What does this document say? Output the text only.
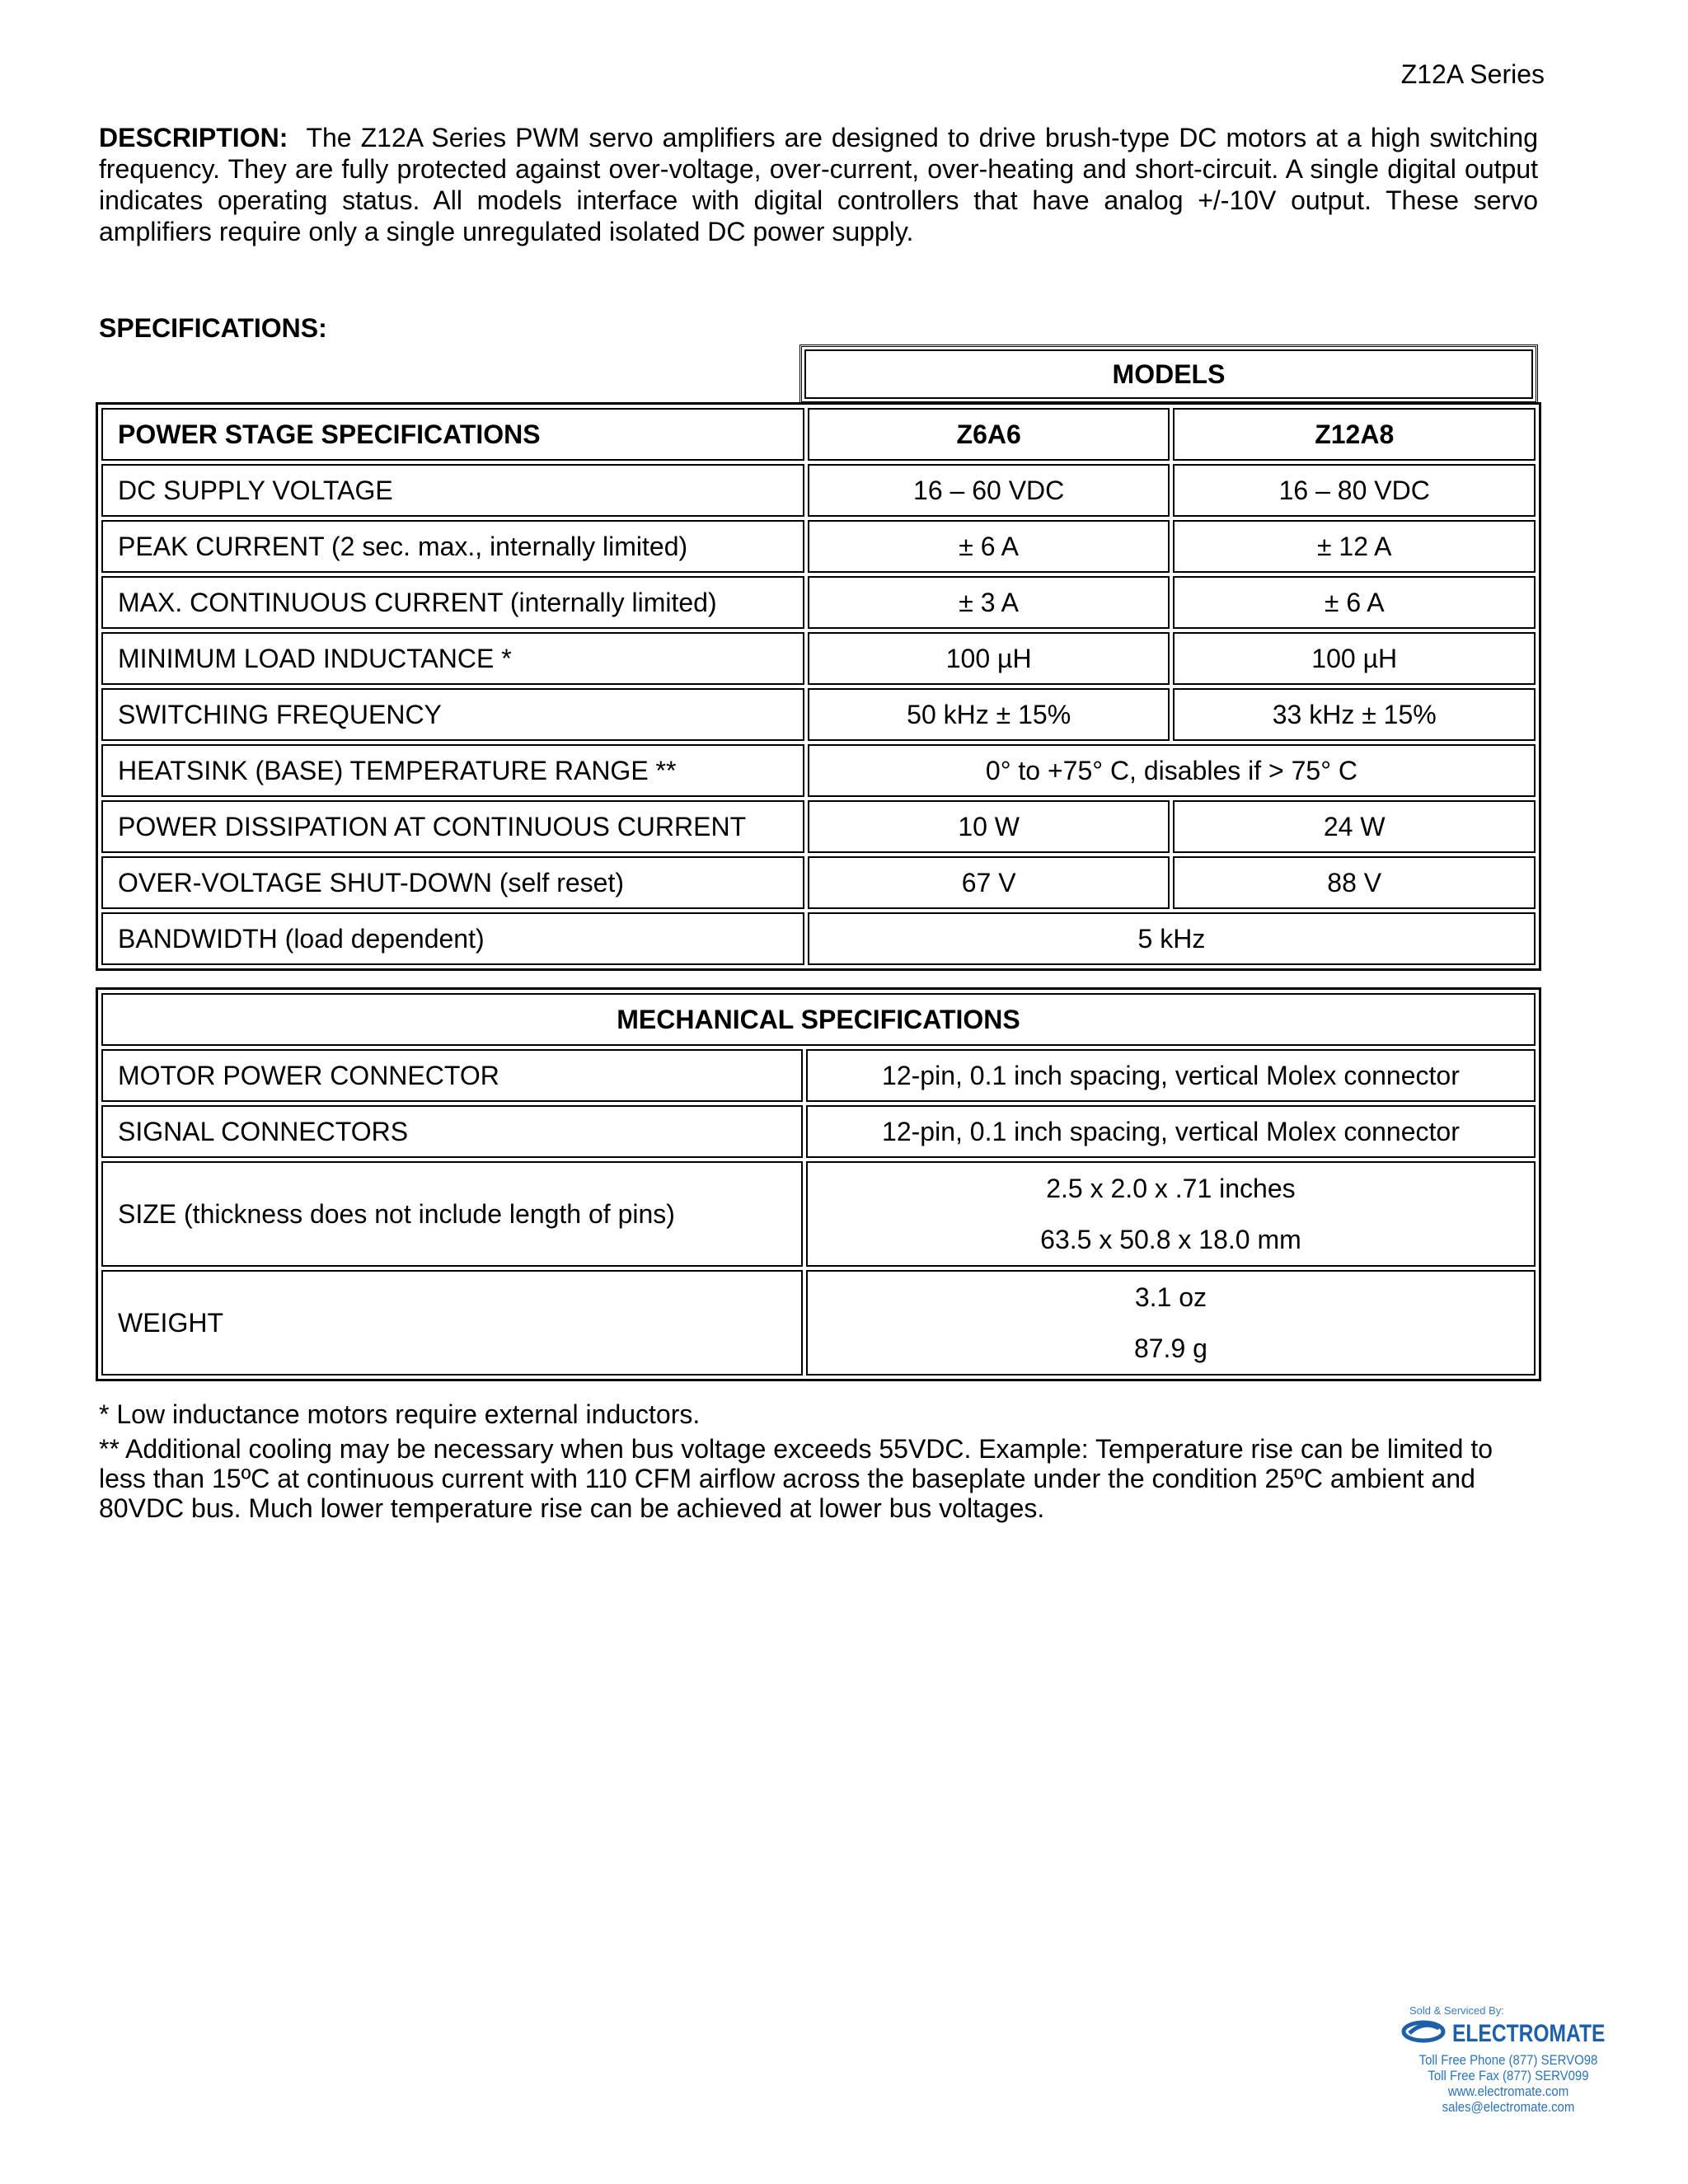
Z12A Series

DESCRIPTION: The Z12A Series PWM servo amplifiers are designed to drive brush-type DC motors at a high switching frequency. They are fully protected against over-voltage, over-current, over-heating and short-circuit. A single digital output indicates operating status. All models interface with digital controllers that have analog +/-10V output. These servo amplifiers require only a single unregulated isolated DC power supply.

SPECIFICATIONS:

MODELS
POWER STAGE SPECIFICATIONS	Z6A6	Z12A8
DC SUPPLY VOLTAGE	16 – 60 VDC	16 – 80 VDC
PEAK CURRENT (2 sec. max., internally limited)	± 6 A	± 12 A
MAX. CONTINUOUS CURRENT (internally limited)	± 3 A	± 6 A
MINIMUM LOAD INDUCTANCE *	100 µH	100 µH
SWITCHING FREQUENCY	50 kHz ± 15%	33 kHz ± 15%
HEATSINK (BASE) TEMPERATURE RANGE **	0° to +75° C, disables if > 75° C	
POWER DISSIPATION AT CONTINUOUS CURRENT	10 W	24 W
OVER-VOLTAGE SHUT-DOWN (self reset)	67 V	88 V
BANDWIDTH (load dependent)	5 kHz	
MECHANICAL SPECIFICATIONS	
MOTOR POWER CONNECTOR	12-pin, 0.1 inch spacing, vertical Molex connector
SIGNAL CONNECTORS	12-pin, 0.1 inch spacing, vertical Molex connector
SIZE (thickness does not include length of pins)	2.5 x 2.0 x .71 inches
63.5 x 50.8 x 18.0 mm

WEIGHT	3.1 oz
87.9 g

* Low inductance motors require external inductors.

** Additional cooling may be necessary when bus voltage exceeds 55VDC. Example: Temperature rise can be limited to less than 15ºC at continuous current with 110 CFM airflow across the baseplate under the condition 25ºC ambient and 80VDC bus. Much lower temperature rise can be achieved at lower bus voltages.

Sold & Serviced By:
ELECTROMATE
Toll Free Phone (877) SERVO98
Toll Free Fax (877) SERV099
www.electromate.com
sales@electromate.com
